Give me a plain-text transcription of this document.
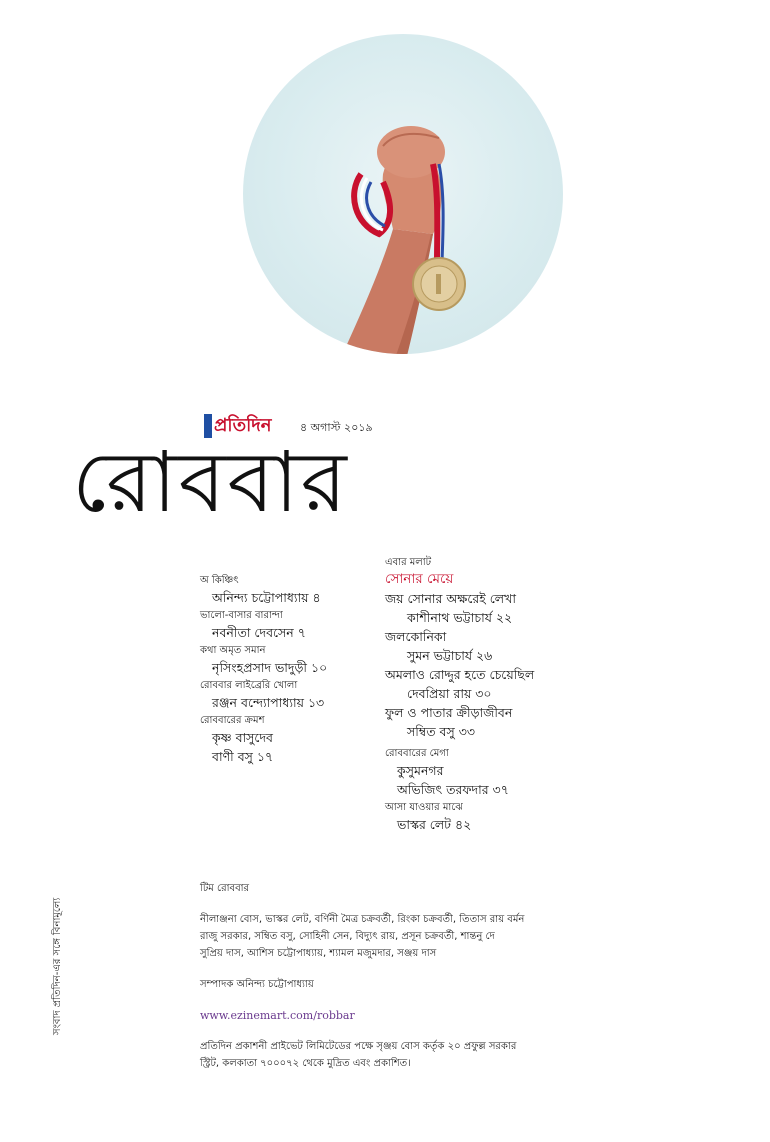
প্রতিদিন	৪ অগাস্ট ২০১৯
রোববার

অ কিঞ্চিৎ

অনিন্দ্য চট্টোপাধ্যায় ৪

ভালো-বাসার বারান্দা

নবনীতা দেবসেন ৭

কথা অমৃত সমান

নৃসিংহপ্রসাদ ভাদুড়ী ১০

রোববার লাইব্রেরি খোলা

রঞ্জন বন্দ্যোপাধ্যায় ১৩

রোববারের ক্রমশ

কৃষ্ণ বাসুদেব

বাণী বসু ১৭

এবার মলাট

সোনার মেয়ে

জয় সোনার অক্ষরেই লেখা

কাশীনাথ ভট্টাচার্য ২২

জলকোনিকা

সুমন ভট্টাচার্য ২৬

অমলাও রোদ্দুর হতে চেয়েছিল

দেবপ্রিয়া রায় ৩০

ফুল ও পাতার ক্রীড়াজীবন

সম্বিত বসু ৩৩

রোববারের মেগা

কুসুমনগর

অভিজিৎ তরফদার ৩৭

আসা যাওয়ার মাঝে

ভাস্কর লেট ৪২

সংবাদ প্রতিদিন-এর সঙ্গে বিনামূল্যে

টিম রোববার

নীলাঞ্জনা বোস, ভাস্কর লেট, বর্ণিনী মৈত্র চক্রবর্তী, রিংকা চক্রবর্তী, তিতাস রায় বর্মন

রাজু সরকার, সম্বিত বসু, সোহিনী সেন, বিদ্যুৎ রায়, প্রসূন চক্রবর্তী, শান্তনু দে

সুপ্রিয় দাস, আশিস চট্টোপাধ্যায়, শ্যামল মজুমদার, সঞ্জয় দাস

সম্পাদক অনিন্দ্য চট্টোপাধ্যায়

www.ezinemart.com/robbar

প্রতিদিন প্রকাশনী প্রাইভেট লিমিটেডের পক্ষে সৃঞ্জয় বোস কর্তৃক ২০ প্রফুল্ল সরকার

স্ট্রিট, কলকাতা ৭০০০৭২ থেকে মুদ্রিত এবং প্রকাশিত।
